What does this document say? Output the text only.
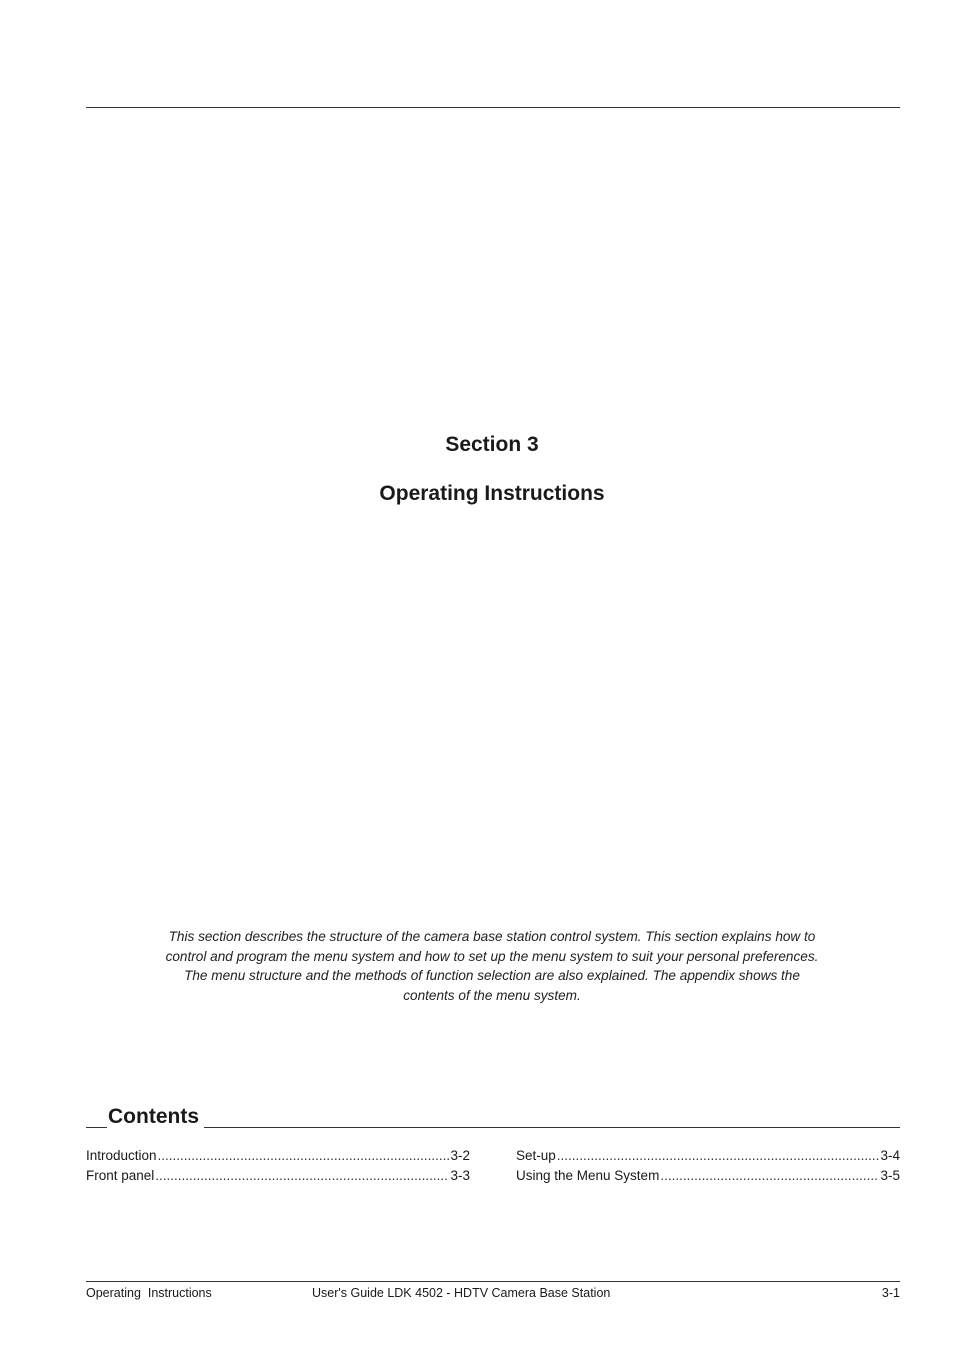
Section 3
Operating Instructions
This section describes the structure of the camera base station control system. This section explains how to
control and program the menu system and how to set up the menu system to suit your personal preferences.
The menu structure and the methods of function selection are also explained. The appendix shows the
contents of the menu system.
Contents
Introduction .....	3-2
Front panel .....	3-3
Set-up .....	3-4
Using the Menu System .....	3-5
Operating  Instructions	User's Guide LDK 4502 - HDTV Camera Base Station	3-1
